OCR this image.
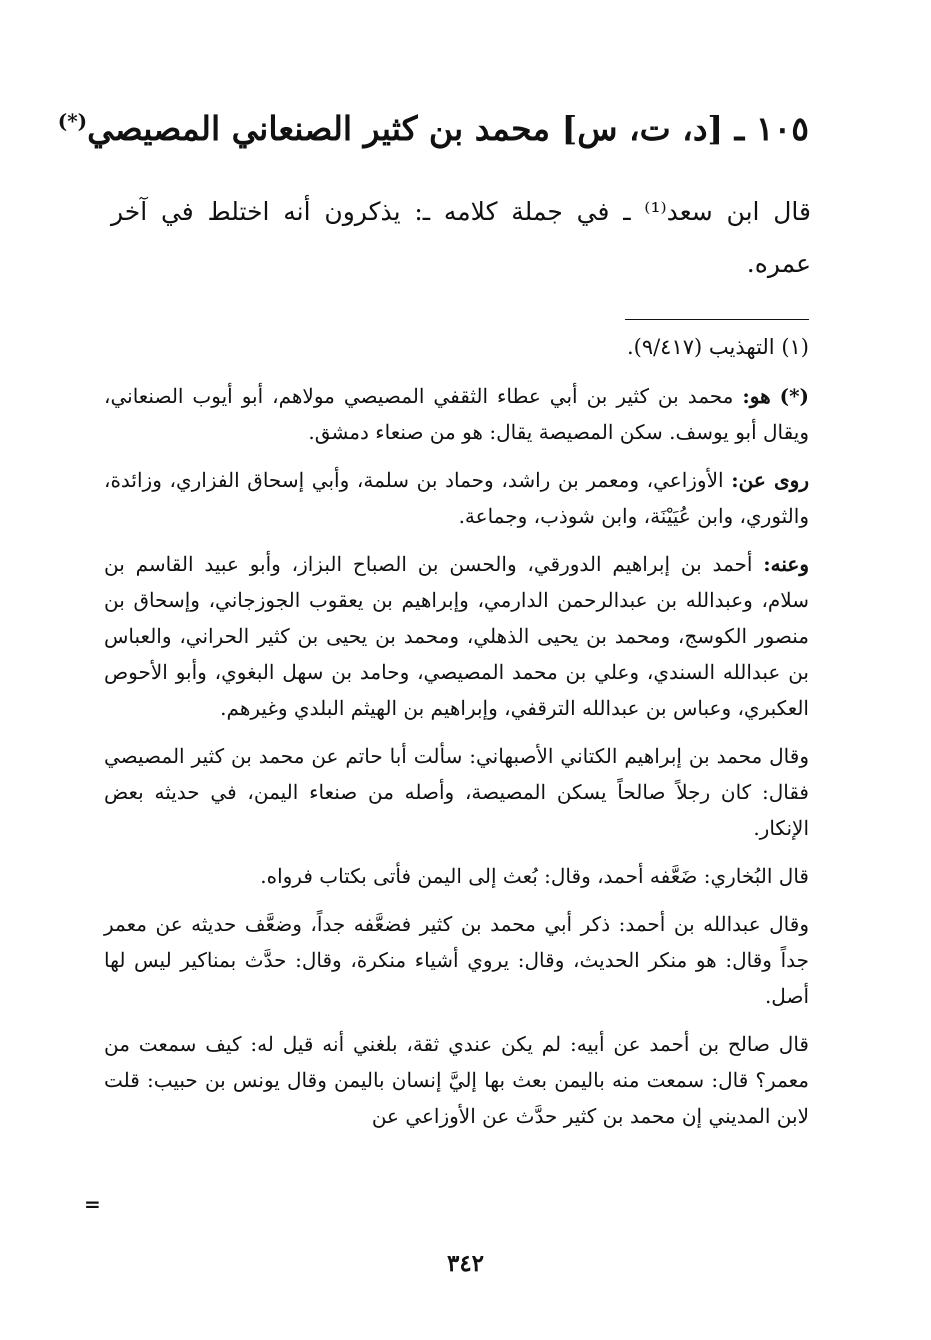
١٠٥ ـ [د، ت، س] محمد بن كثير الصنعاني المصيصي(*)
قال ابن سعد⁽¹⁾ ـ في جملة كلامه ـ: يذكرون أنه اختلط في آخر عمره.
(١) التهذيب (٩/٤١٧).

(*) هو: محمد بن كثير بن أبي عطاء الثقفي المصيصي مولاهم، أبو أيوب الصنعاني، ويقال أبو يوسف. سكن المصيصة يقال: هو من صنعاء دمشق.

روى عن: الأوزاعي، ومعمر بن راشد، وحماد بن سلمة، وأبي إسحاق الفزاري، وزائدة، والثوري، وابن عُيَيْنَة، وابن شوذب، وجماعة.

وعنه: أحمد بن إبراهيم الدورقي، والحسن بن الصباح البزاز، وأبو عبيد القاسم بن سلام، وعبدالله بن عبدالرحمن الدارمي، وإبراهيم بن يعقوب الجوزجاني، وإسحاق بن منصور الكوسج، ومحمد بن يحيى الذهلي، ومحمد بن يحيى بن كثير الحراني، والعباس بن عبدالله السندي، وعلي بن محمد المصيصي، وحامد بن سهل البغوي، وأبو الأحوص العكبري، وعباس بن عبدالله الترقفي، وإبراهيم بن الهيثم البلدي وغيرهم.

وقال محمد بن إبراهيم الكتاني الأصبهاني: سألت أبا حاتم عن محمد بن كثير المصيصي فقال: كان رجلاً صالحاً يسكن المصيصة، وأصله من صنعاء اليمن، في حديثه بعض الإنكار.

قال البُخاري: ضَعَّفه أحمد، وقال: بُعث إلى اليمن فأتى بكتاب فرواه.

وقال عبدالله بن أحمد: ذكر أبي محمد بن كثير فضعَّفه جداً، وضعَّف حديثه عن معمر جداً وقال: هو منكر الحديث، وقال: يروي أشياء منكرة، وقال: حدَّث بمناكير ليس لها أصل.

قال صالح بن أحمد عن أبيه: لم يكن عندي ثقة، بلغني أنه قيل له: كيف سمعت من معمر؟ قال: سمعت منه باليمن بعث بها إليَّ إنسان باليمن وقال يونس بن حبيب: قلت لابن المديني إن محمد بن كثير حدَّث عن الأوزاعي عن

=
٣٤٢
